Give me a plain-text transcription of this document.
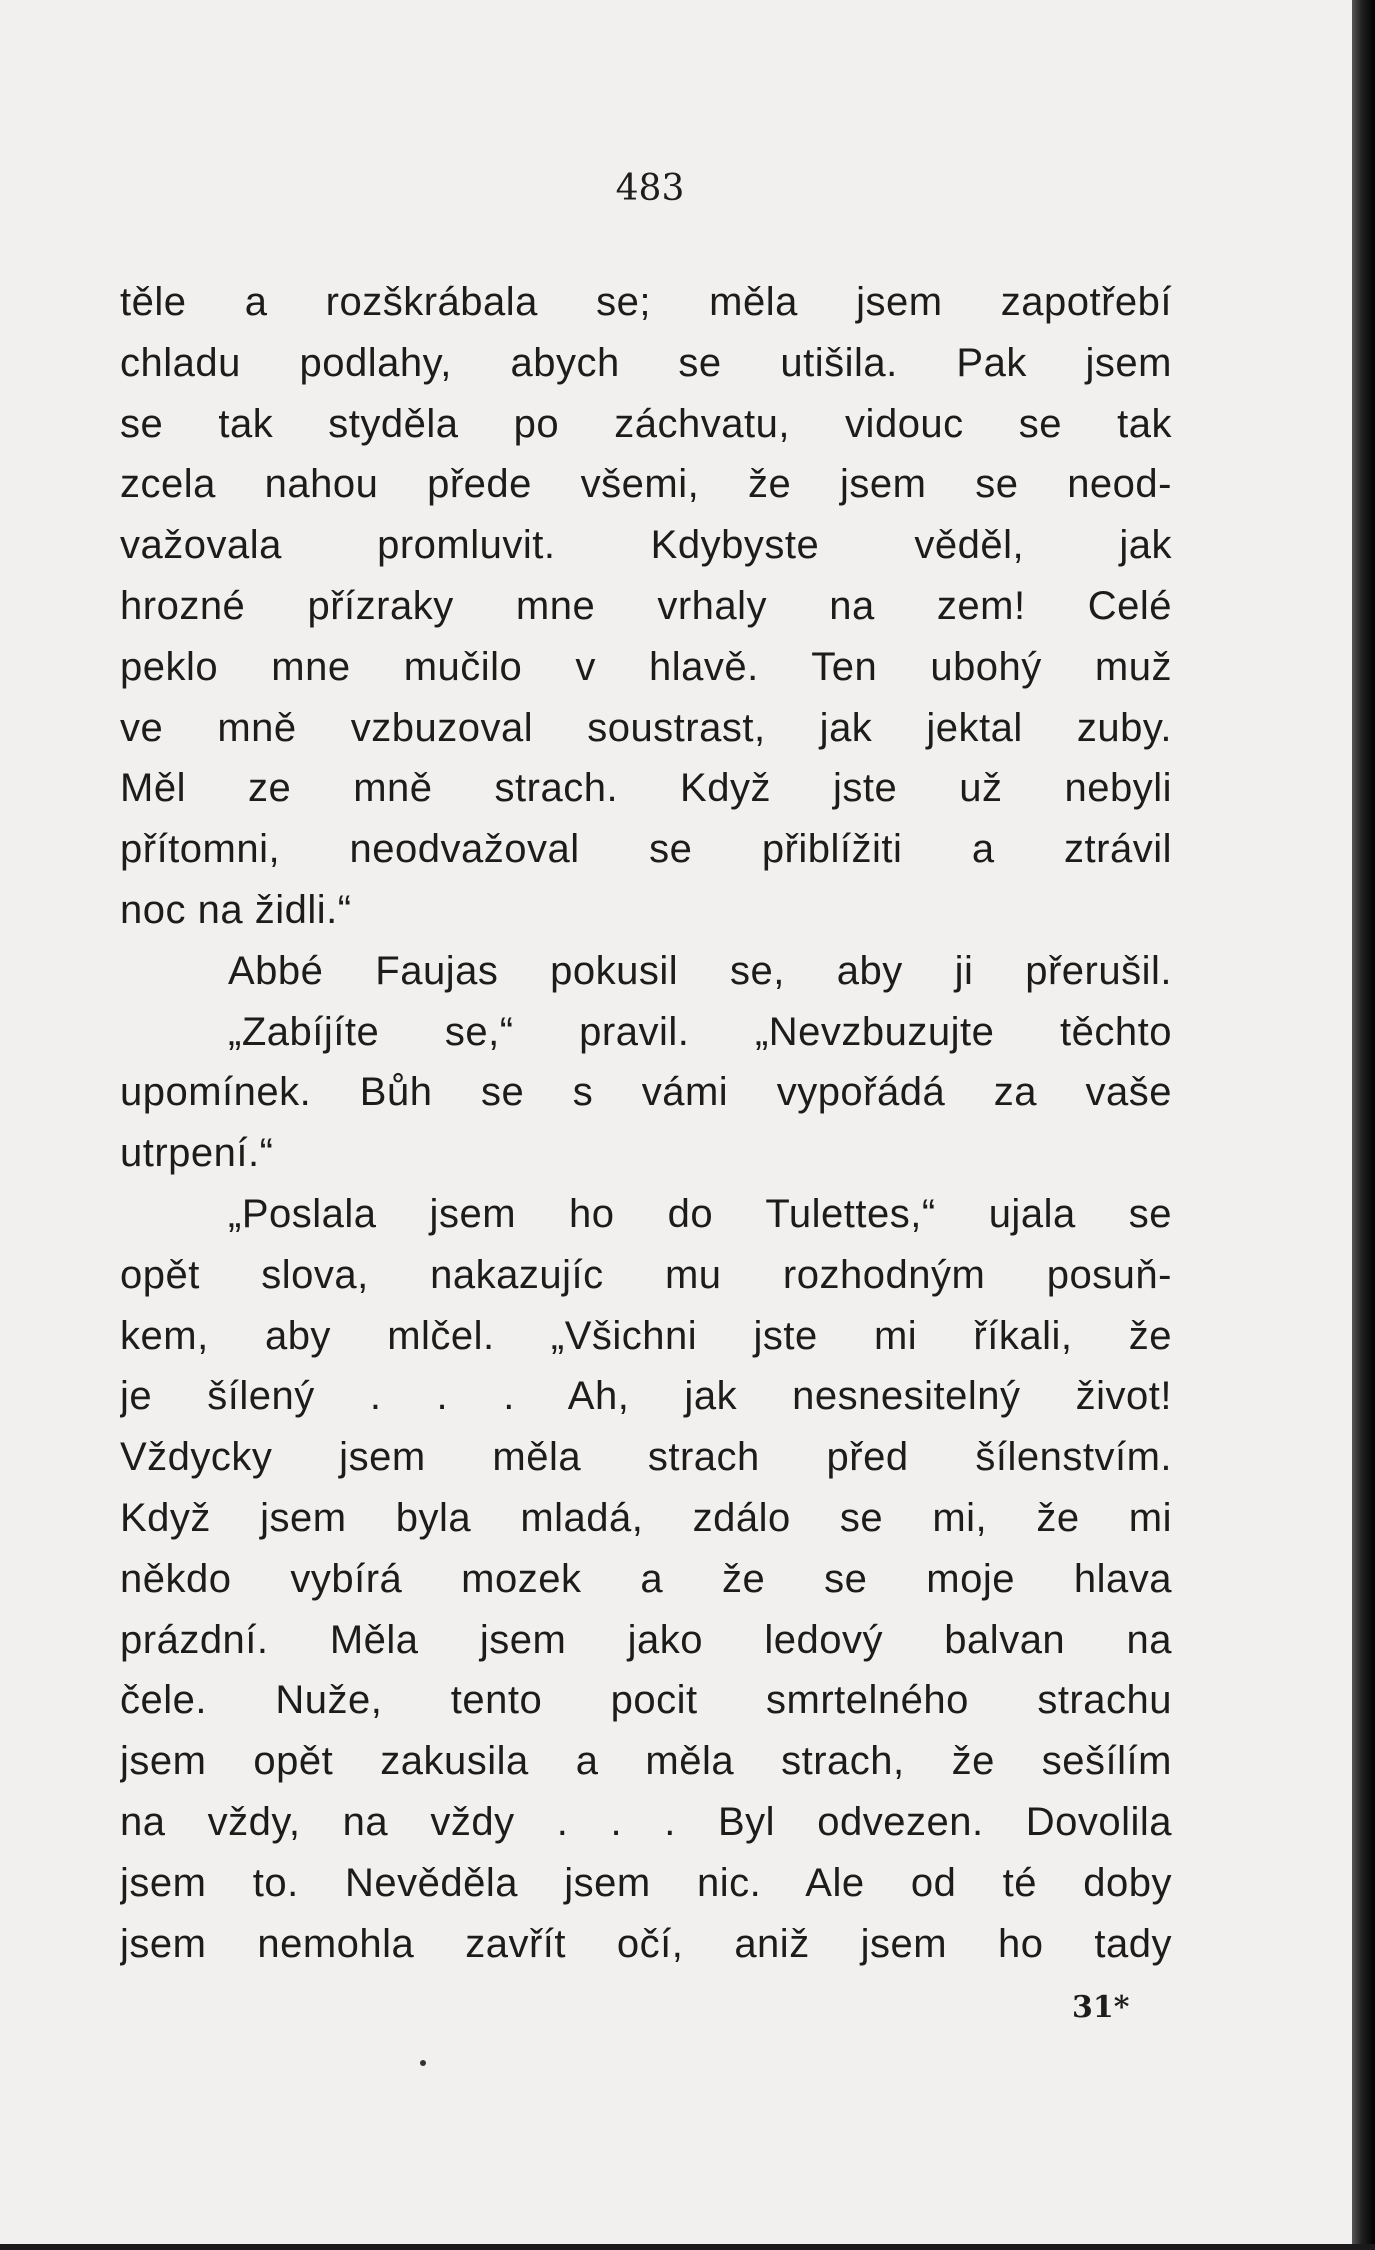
483
těle a rozškrábala se; měla jsem zapotřebí
chladu podlahy, abych se utišila. Pak jsem
se tak styděla po záchvatu, vidouc se tak
zcela nahou přede všemi, že jsem se neod-
važovala promluvit. Kdybyste věděl, jak
hrozné přízraky mne vrhaly na zem! Celé
peklo mne mučilo v hlavě. Ten ubohý muž
ve mně vzbuzoval soustrast, jak jektal zuby.
Měl ze mně strach. Když jste už nebyli
přítomni, neodvažoval se přiblížiti a ztrávil
noc na židli.“
Abbé Faujas pokusil se, aby ji přerušil.
„Zabíjíte se,“ pravil. „Nevzbuzujte těchto
upomínek. Bůh se s vámi vypořádá za vaše
utrpení.“
„Poslala jsem ho do Tulettes,“ ujala se
opět slova, nakazujíc mu rozhodným posuň-
kem, aby mlčel. „Všichni jste mi říkali, že
je šílený . . . Ah, jak nesnesitelný život!
Vždycky jsem měla strach před šílenstvím.
Když jsem byla mladá, zdálo se mi, že mi
někdo vybírá mozek a že se moje hlava
prázdní. Měla jsem jako ledový balvan na
čele. Nuže, tento pocit smrtelného strachu
jsem opět zakusila a měla strach, že sešílím
na vždy, na vždy . . . Byl odvezen. Dovolila
jsem to. Nevěděla jsem nic. Ale od té doby
jsem nemohla zavřít očí, aniž jsem ho tady
31*
